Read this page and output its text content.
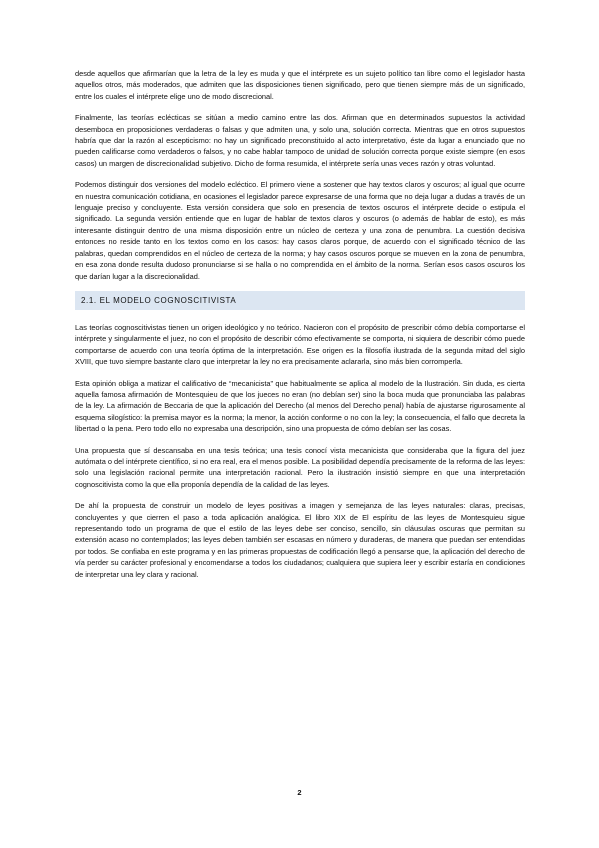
desde aquellos que afirmarían que la letra de la ley es muda y que el intérprete es un sujeto político tan libre como el legislador hasta aquellos otros, más moderados, que admiten que las disposiciones tienen significado, pero que tienen siempre más de un significado, entre los cuales el intérprete elige uno de modo discrecional.

Finalmente, las teorías eclécticas se sitúan a medio camino entre las dos. Afirman que en determinados supuestos la actividad desemboca en proposiciones verdaderas o falsas y que admiten una, y solo una, solución correcta. Mientras que en otros supuestos habría que dar la razón al escepticismo: no hay un significado preconstituido al acto interpretativo, éste da lugar a enunciado que no pueden calificarse como verdaderos o falsos, y no cabe hablar tampoco de unidad de solución correcta porque existe siempre (en esos casos) un margen de discrecionalidad subjetivo. Dicho de forma resumida, el intérprete sería unas veces razón y otras voluntad.

Podemos distinguir dos versiones del modelo ecléctico. El primero viene a sostener que hay textos claros y oscuros; al igual que ocurre en nuestra comunicación cotidiana, en ocasiones el legislador parece expresarse de una forma que no deja lugar a dudas a través de un lenguaje preciso y concluyente. Esta versión considera que solo en presencia de textos oscuros el intérprete decide o estipula el significado. La segunda versión entiende que en lugar de hablar de textos claros y oscuros (o además de hablar de esto), es más interesante distinguir dentro de una misma disposición entre un núcleo de certeza y una zona de penumbra. La cuestión decisiva entonces no reside tanto en los textos como en los casos: hay casos claros porque, de acuerdo con el significado técnico de las palabras, quedan comprendidos en el núcleo de certeza de la norma; y hay casos oscuros porque se mueven en la zona de penumbra, en esa zona donde resulta dudoso pronunciarse si se halla o no comprendida en el ámbito de la norma. Serían esos casos oscuros los que darían lugar a la discrecionalidad.

2.1. EL MODELO COGNOSCITIVISTA

Las teorías cognoscitivistas tienen un origen ideológico y no teórico. Nacieron con el propósito de prescribir cómo debía comportarse el intérprete y singularmente el juez, no con el propósito de describir cómo efectivamente se comporta, ni siquiera de describir cómo puede comportarse de acuerdo con una teoría óptima de la interpretación. Ese origen es la filosofía ilustrada de la segunda mitad del siglo XVIII, que tuvo siempre bastante claro que interpretar la ley no era precisamente aclararla, sino más bien corromperla.

Esta opinión obliga a matizar el calificativo de “mecanicista” que habitualmente se aplica al modelo de la Ilustración. Sin duda, es cierta aquella famosa afirmación de Montesquieu de que los jueces no eran (no debían ser) sino la boca muda que pronunciaba las palabras de la ley. La afirmación de Beccaria de que la aplicación del Derecho (al menos del Derecho penal) había de ajustarse rigurosamente al esquema silogístico: la premisa mayor es la norma; la menor, la acción conforme o no con la ley; la consecuencia, el fallo que decreta la libertad o la pena. Pero todo ello no expresaba una descripción, sino una propuesta de cómo debían ser las cosas.

Una propuesta que sí descansaba en una tesis teórica; una tesis conocí vista mecanicista que consideraba que la figura del juez autómata o del intérprete científico, si no era real, era el menos posible. La posibilidad dependía precisamente de la reforma de las leyes: solo una legislación racional permite una interpretación racional. Pero la ilustración insistió siempre en que una interpretación cognoscitivista como la que ella proponía dependía de la calidad de las leyes.

De ahí la propuesta de construir un modelo de leyes positivas a imagen y semejanza de las leyes naturales: claras, precisas, concluyentes y que cierren el paso a toda aplicación analógica. El libro XIX de El espíritu de las leyes de Montesquieu sigue representando todo un programa de que el estilo de las leyes debe ser conciso, sencillo, sin cláusulas oscuras que permitan su extensión acaso no contemplados; las leyes deben también ser escasas en número y duraderas, de manera que puedan ser entendidas por todos. Se confiaba en este programa y en las primeras propuestas de codificación llegó a pensarse que, la aplicación del derecho de vía perder su carácter profesional y encomendarse a todos los ciudadanos; cualquiera que supiera leer y escribir estaría en condiciones de interpretar una ley clara y racional.

2
